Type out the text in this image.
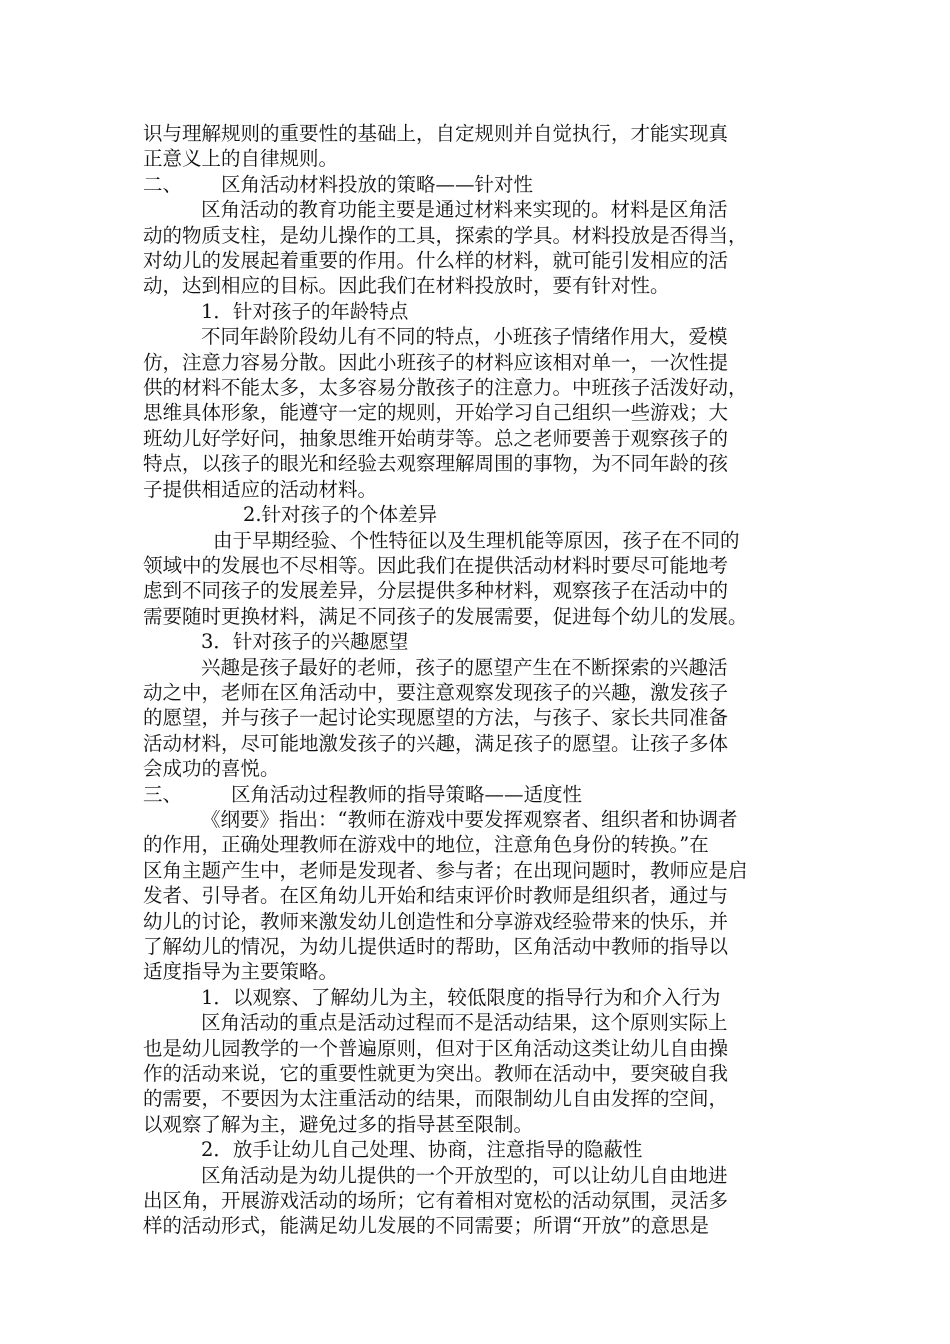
识与理解规则的重要性的基础上，自定规则并自觉执行，才能实现真
正意义上的自律规则。

二、 区角活动材料投放的策略——针对性

区角活动的教育功能主要是通过材料来实现的。材料是区角活
动的物质支柱，是幼儿操作的工具，探索的学具。材料投放是否得当，
对幼儿的发展起着重要的作用。什么样的材料，就可能引发相应的活
动，达到相应的目标。因此我们在材料投放时，要有针对性。

1．针对孩子的年龄特点

不同年龄阶段幼儿有不同的特点，小班孩子情绪作用大，爱模
仿，注意力容易分散。因此小班孩子的材料应该相对单一，一次性提
供的材料不能太多，太多容易分散孩子的注意力。中班孩子活泼好动，
思维具体形象，能遵守一定的规则，开始学习自己组织一些游戏；大
班幼儿好学好问，抽象思维开始萌芽等。总之老师要善于观察孩子的
特点，以孩子的眼光和经验去观察理解周围的事物，为不同年龄的孩
子提供相适应的活动材料。

2.针对孩子的个体差异

由于早期经验、个性特征以及生理机能等原因，孩子在不同的
领域中的发展也不尽相等。因此我们在提供活动材料时要尽可能地考
虑到不同孩子的发展差异，分层提供多种材料，观察孩子在活动中的
需要随时更换材料，满足不同孩子的发展需要，促进每个幼儿的发展。

3．针对孩子的兴趣愿望

兴趣是孩子最好的老师，孩子的愿望产生在不断探索的兴趣活
动之中，老师在区角活动中，要注意观察发现孩子的兴趣，激发孩子
的愿望，并与孩子一起讨论实现愿望的方法，与孩子、家长共同准备
活动材料，尽可能地激发孩子的兴趣，满足孩子的愿望。让孩子多体
会成功的喜悦。

三、	区角活动过程教师的指导策略——适度性

《纲要》指出：“教师在游戏中要发挥观察者、组织者和协调者
的作用，正确处理教师在游戏中的地位，注意角色身份的转换。”在
区角主题产生中，老师是发现者、参与者；在出现问题时，教师应是启
发者、引导者。在区角幼儿开始和结束评价时教师是组织者，通过与
幼儿的讨论，教师来激发幼儿创造性和分享游戏经验带来的快乐，并
了解幼儿的情况，为幼儿提供适时的帮助，区角活动中教师的指导以
适度指导为主要策略。

1．以观察、了解幼儿为主，较低限度的指导行为和介入行为

区角活动的重点是活动过程而不是活动结果，这个原则实际上
也是幼儿园教学的一个普遍原则，但对于区角活动这类让幼儿自由操
作的活动来说，它的重要性就更为突出。教师在活动中，要突破自我
的需要，不要因为太注重活动的结果，而限制幼儿自由发挥的空间，
以观察了解为主，避免过多的指导甚至限制。

2．放手让幼儿自己处理、协商，注意指导的隐蔽性

区角活动是为幼儿提供的一个开放型的，可以让幼儿自由地进
出区角，开展游戏活动的场所；它有着相对宽松的活动氛围，灵活多
样的活动形式，能满足幼儿发展的不同需要；所谓“开放”的意思是
